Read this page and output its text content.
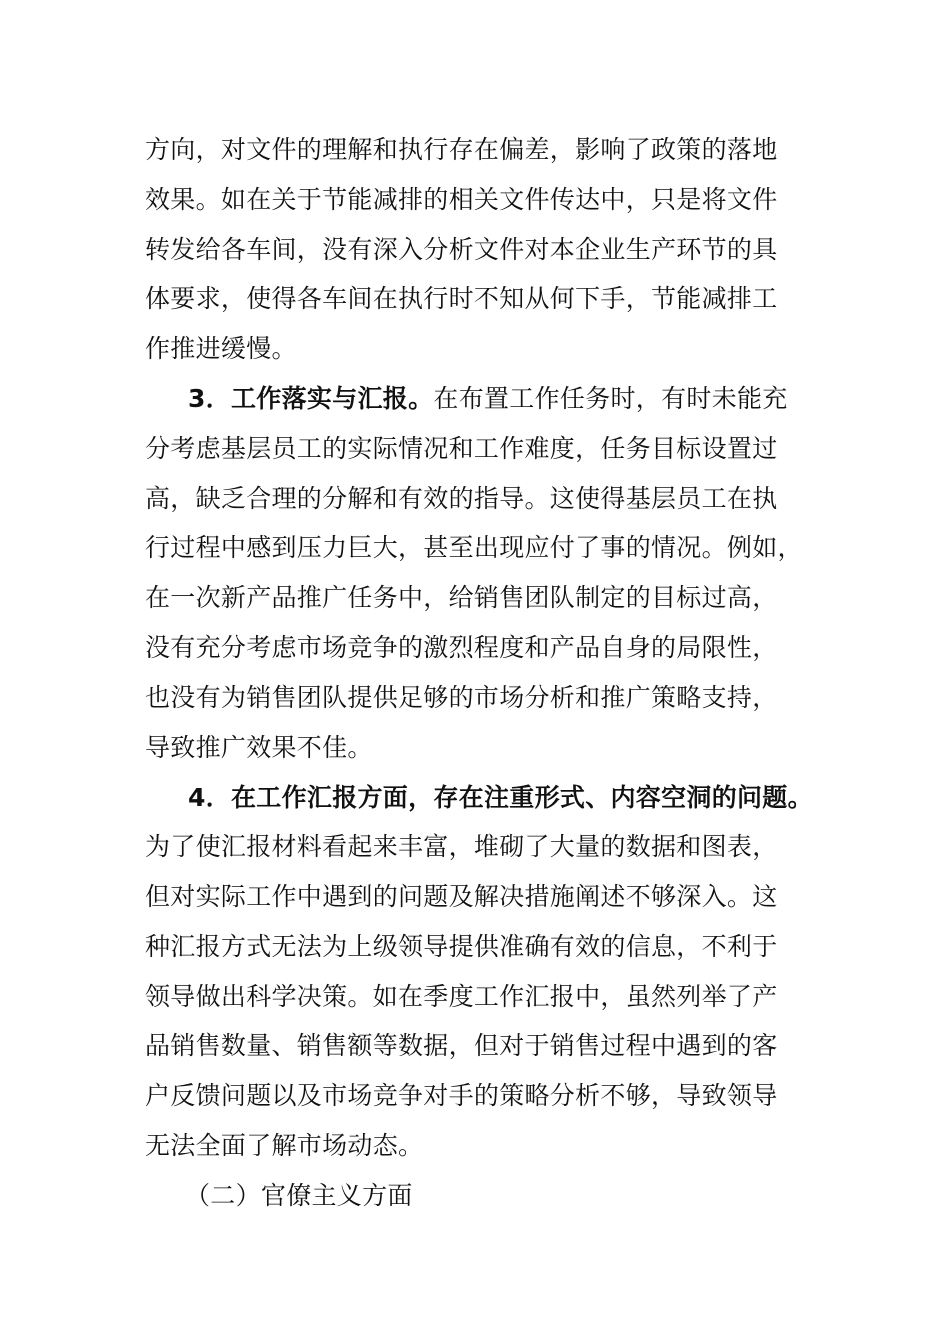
方向，对文件的理解和执行存在偏差，影响了政策的落地
效果。如在关于节能减排的相关文件传达中，只是将文件
转发给各车间，没有深入分析文件对本企业生产环节的具
体要求，使得各车间在执行时不知从何下手，节能减排工
作推进缓慢。
3．工作落实与汇报。在布置工作任务时，有时未能充
分考虑基层员工的实际情况和工作难度，任务目标设置过
高，缺乏合理的分解和有效的指导。这使得基层员工在执
行过程中感到压力巨大，甚至出现应付了事的情况。例如，
在一次新产品推广任务中，给销售团队制定的目标过高，
没有充分考虑市场竞争的激烈程度和产品自身的局限性，
也没有为销售团队提供足够的市场分析和推广策略支持，
导致推广效果不佳。
4．在工作汇报方面，存在注重形式、内容空洞的问题。
为了使汇报材料看起来丰富，堆砌了大量的数据和图表，
但对实际工作中遇到的问题及解决措施阐述不够深入。这
种汇报方式无法为上级领导提供准确有效的信息，不利于
领导做出科学决策。如在季度工作汇报中，虽然列举了产
品销售数量、销售额等数据，但对于销售过程中遇到的客
户反馈问题以及市场竞争对手的策略分析不够，导致领导
无法全面了解市场动态。
（二）官僚主义方面
